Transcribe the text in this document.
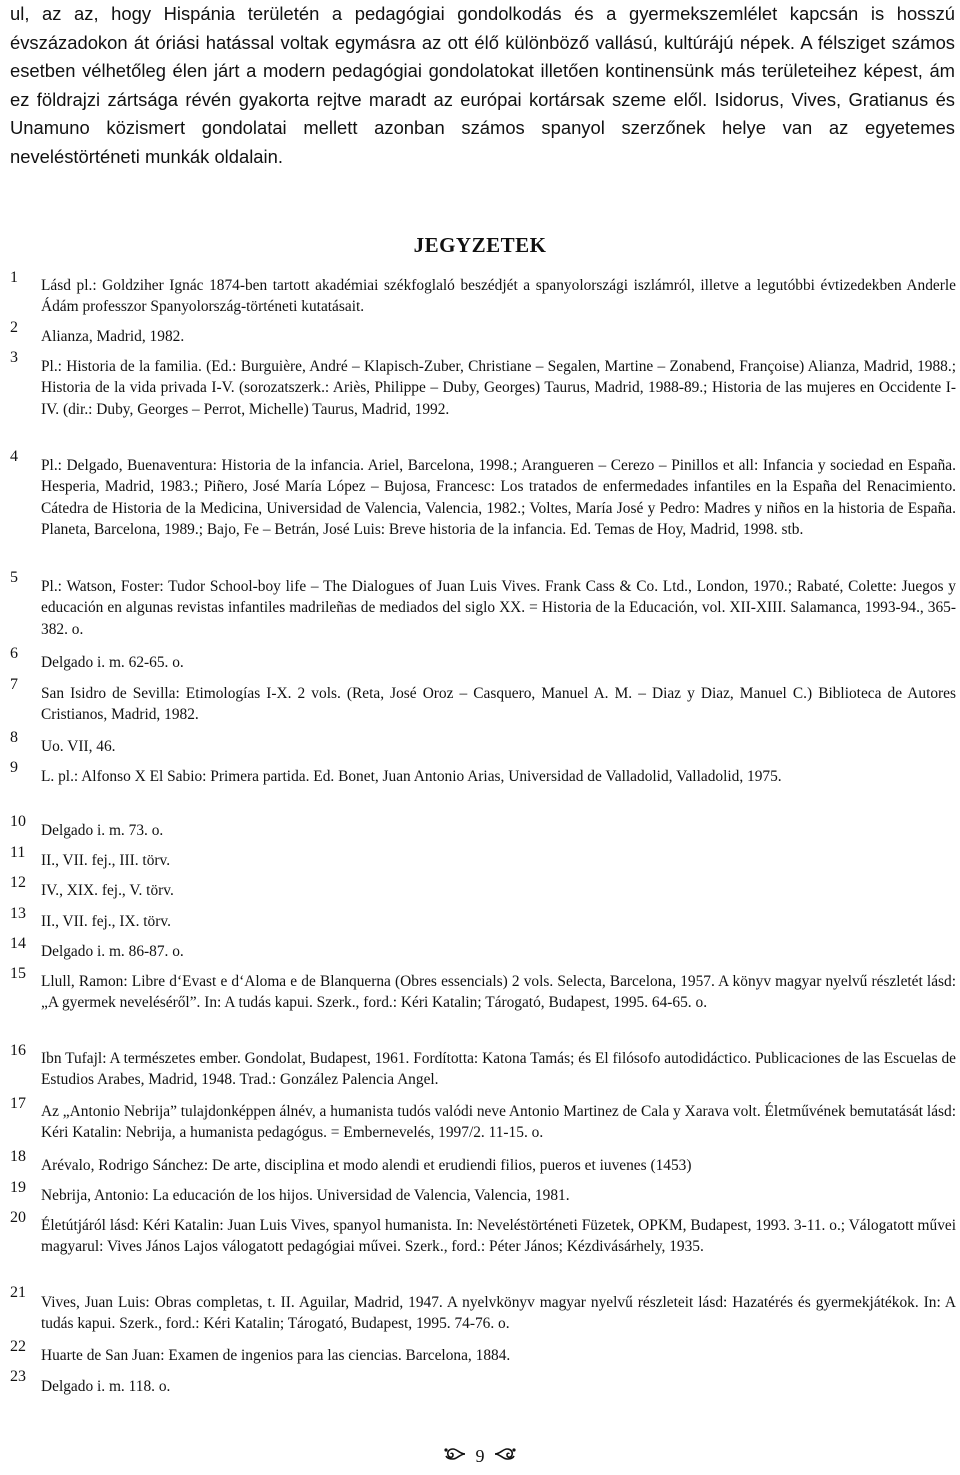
ul, az az, hogy Hispánia területén a pedagógiai gondolkodás és a gyermekszemlélet kapcsán is hosszú évszázadokon át óriási hatással voltak egymásra az ott élő különböző vallású, kultúrájú népek. A félsziget számos esetben vélhetőleg élen járt a modern pedagógiai gondolatokat illetően kontinensünk más területeihez képest, ám ez földrajzi zártsága révén gyakorta rejtve maradt az európai kortársak szeme elől. Isidorus, Vives, Gratianus és Unamuno közismert gondolatai mellett azonban számos spanyol szerzőnek helye van az egyetemes neveléstörténeti munkák oldalain.

JEGYZETEK
1	Lásd pl.: Goldziher Ignác 1874-ben tartott akadémiai székfoglaló beszédjét a spanyolországi iszlámról, illetve a legutóbbi évtizedekben Anderle Ádám professzor Spanyolország-történeti kutatásait.
2
Alianza, Madrid, 1982.
3
Pl.: Historia de la familia. (Ed.: Burguière, André – Klapisch-Zuber, Christiane – Segalen, Martine – Zonabend, Françoise) Alianza, Madrid, 1988.; Historia de la vida privada I-V. (sorozatszerk.: Ariès, Philippe – Duby, Georges) Taurus, Madrid, 1988-89.; Historia de las mujeres en Occidente I-IV. (dir.: Duby, Georges – Perrot, Michelle) Taurus, Madrid, 1992.
4
Pl.: Delgado, Buenaventura: Historia de la infancia. Ariel, Barcelona, 1998.; Arangueren – Cerezo – Pinillos et all: Infancia y sociedad en España. Hesperia, Madrid, 1983.; Piñero, José María López – Bujosa, Francesc: Los tratados de enfermedades infantiles en la España del Renacimiento. Cátedra de Historia de la Medicina, Universidad de Valencia, Valencia, 1982.; Voltes, María José y Pedro: Madres y niños en la historia de España. Planeta, Barcelona, 1989.; Bajo, Fe – Betrán, José Luis: Breve historia de la infancia. Ed. Temas de Hoy, Madrid, 1998. stb.
5
Pl.: Watson, Foster: Tudor School-boy life – The Dialogues of Juan Luis Vives. Frank Cass & Co. Ltd., London, 1970.; Rabaté, Colette: Juegos y educación en algunas revistas infantiles madrileñas de mediados del siglo XX. = Historia de la Educación, vol. XII-XIII. Salamanca, 1993-94., 365-382. o.
6
Delgado i. m. 62-65. o.
7
San Isidro de Sevilla: Etimologías I-X. 2 vols. (Reta, José Oroz – Casquero, Manuel A. M. – Diaz y Diaz, Manuel C.) Biblioteca de Autores Cristianos, Madrid, 1982.
8
Uo. VII, 46.
9
L. pl.: Alfonso X El Sabio: Primera partida. Ed. Bonet, Juan Antonio Arias, Universidad de Valladolid, Valladolid, 1975.
10
Delgado i. m. 73. o.
11	II., VII. fej., III. törv.
12 IV., XIX. fej., V. törv.
13 II., VII. fej., IX. törv.
14 Delgado i. m. 86-87. o.
15 Llull, Ramon: Libre d‘Evast e d‘Aloma e de Blanquerna (Obres essencials) 2 vols. Selecta, Barcelona, 1957. A könyv magyar nyelvű részletét lásd: „A gyermek neveléséről”. In: A tudás kapui. Szerk., ford.: Kéri Katalin; Tárogató, Budapest, 1995. 64-65. o.
16 Ibn Tufajl: A természetes ember. Gondolat, Budapest, 1961. Fordította: Katona Tamás; és El filósofo autodidáctico. Publicaciones de las Escuelas de Estudios Arabes, Madrid, 1948. Trad.: González Palencia Angel.
17 Az „Antonio Nebrija” tulajdonképpen álnév, a humanista tudós valódi neve Antonio Martinez de Cala y Xarava volt. Életművének bemutatását lásd: Kéri Katalin: Nebrija, a humanista pedagógus. = Embernevelés, 1997/2. 11-15. o.
18
Arévalo, Rodrigo Sánchez: De arte, disciplina et modo alendi et erudiendi filios, pueros et iuvenes (1453)
19 Nebrija, Antonio: La educación de los hijos. Universidad de Valencia, Valencia, 1981.
20 Életútjáról lásd: Kéri Katalin: Juan Luis Vives, spanyol humanista. In: Neveléstörténeti Füzetek, OPKM, Budapest, 1993. 3-11. o.; Válogatott művei magyarul: Vives János Lajos válogatott pedagógiai művei. Szerk., ford.: Péter János; Kézdivásárhely, 1935.
21
Vives, Juan Luis: Obras completas, t. II. Aguilar, Madrid, 1947. A nyelvkönyv magyar nyelvű részleteit lásd: Hazatérés és gyermekjátékok. In: A tudás kapui. Szerk., ford.: Kéri Katalin; Tárogató, Budapest, 1995. 74-76. o.
22
Huarte de San Juan: Examen de ingenios para las ciencias. Barcelona, 1884.
23
Delgado i. m. 118. o.
9
